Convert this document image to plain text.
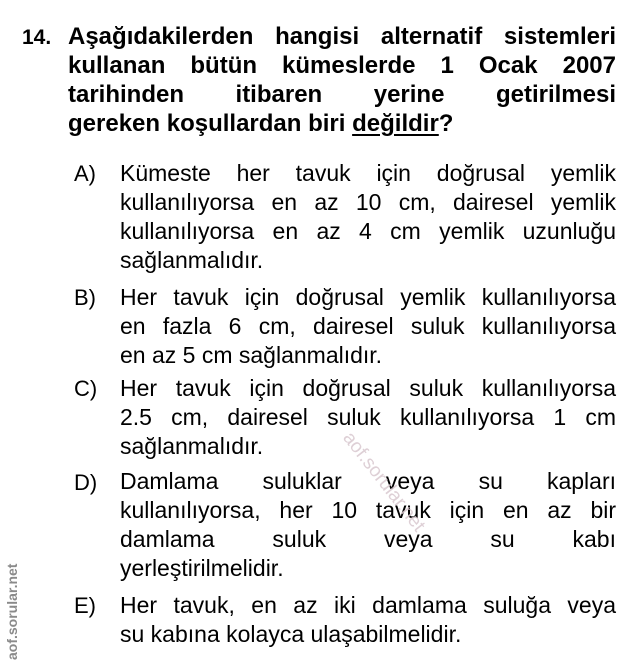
14. Aşağıdakilerden hangisi alternatif sistemleri
kullanan bütün kümeslerde 1 Ocak 2007
tarihinden itibaren yerine getirilmesi
gereken koşullardan biri değildir?
A) Kümeste her tavuk için doğrusal yemlik
kullanılıyorsa en az 10 cm, dairesel yemlik
kullanılıyorsa en az 4 cm yemlik uzunluğu
sağlanmalıdır.
B) Her tavuk için doğrusal yemlik kullanılıyorsa
en fazla 6 cm, dairesel suluk kullanılıyorsa
en az 5 cm sağlanmalıdır.
C) Her tavuk için doğrusal suluk kullanılıyorsa
2.5 cm, dairesel suluk kullanılıyorsa 1 cm
sağlanmalıdır.
D) Damlama suluklar veya su kapları
kullanılıyorsa, her 10 tavuk için en az bir
damlama suluk veya su kabı
yerleştirilmelidir.
E) Her tavuk, en az iki damlama suluğa veya
su kabına kolayca ulaşabilmelidir.
aof.sorular.net
aof.sorular.net
